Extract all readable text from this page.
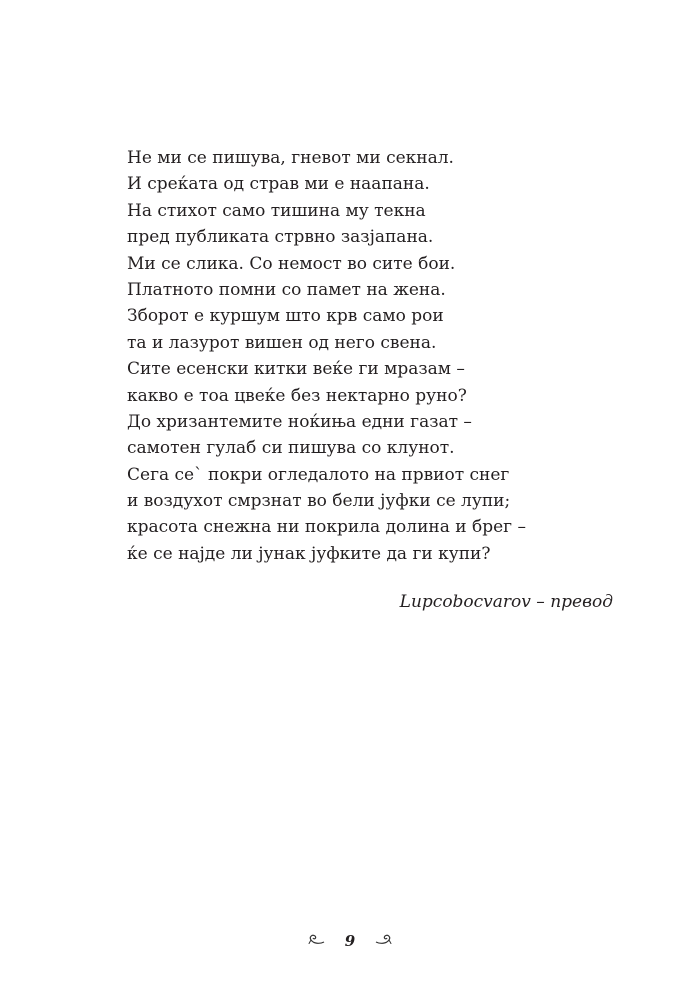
Не ми се пишува, гневот ми секнал.
И среќата од страв ми е наапана.
На стихот само тишина му текна
пред публиката стрвно зазјапана.
Ми се слика. Со немост во сите бои.
Платното помни со памет на жена.
Зборот е куршум што крв само рои
та и лазурот вишен од него свена.
Сите есенски китки веќе ги мразам –
какво е тоа цвеќе без нектарно руно?
До хризантемите ноќиња едни газат –
самотен гулаб си пишува со клунот.
Сега се` покри огледалото на првиот снег
и воздухот смрзнат во бели јуфки се лупи;
красота снежна ни покрила долина и брег –
ќе се најде ли јунак јуфките да ги купи?
Lupcobocvarov – превод
9
